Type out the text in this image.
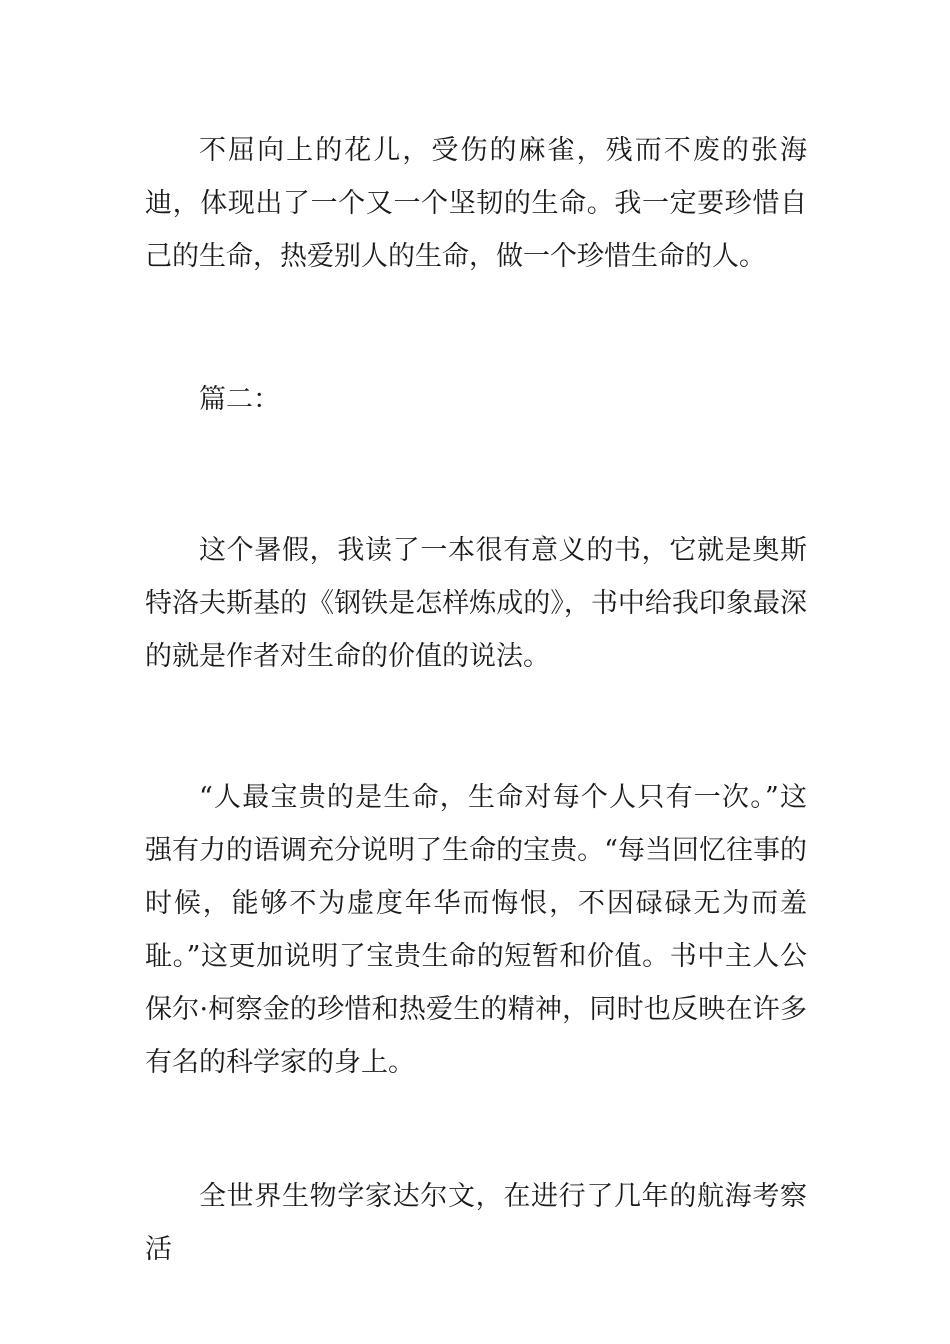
不屈向上的花儿，受伤的麻雀，残而不废的张海迪，体现出了一个又一个坚韧的生命。我一定要珍惜自己的生命，热爱别人的生命，做一个珍惜生命的人。

篇二：

这个暑假，我读了一本很有意义的书，它就是奥斯特洛夫斯基的《钢铁是怎样炼成的》，书中给我印象最深的就是作者对生命的价值的说法。

“人最宝贵的是生命，生命对每个人只有一次。”这强有力的语调充分说明了生命的宝贵。“每当回忆往事的时候，能够不为虚度年华而悔恨，不因碌碌无为而羞耻。”这更加说明了宝贵生命的短暂和价值。书中主人公保尔·柯察金的珍惜和热爱生的精神，同时也反映在许多有名的科学家的身上。

全世界生物学家达尔文，在进行了几年的航海考察活
